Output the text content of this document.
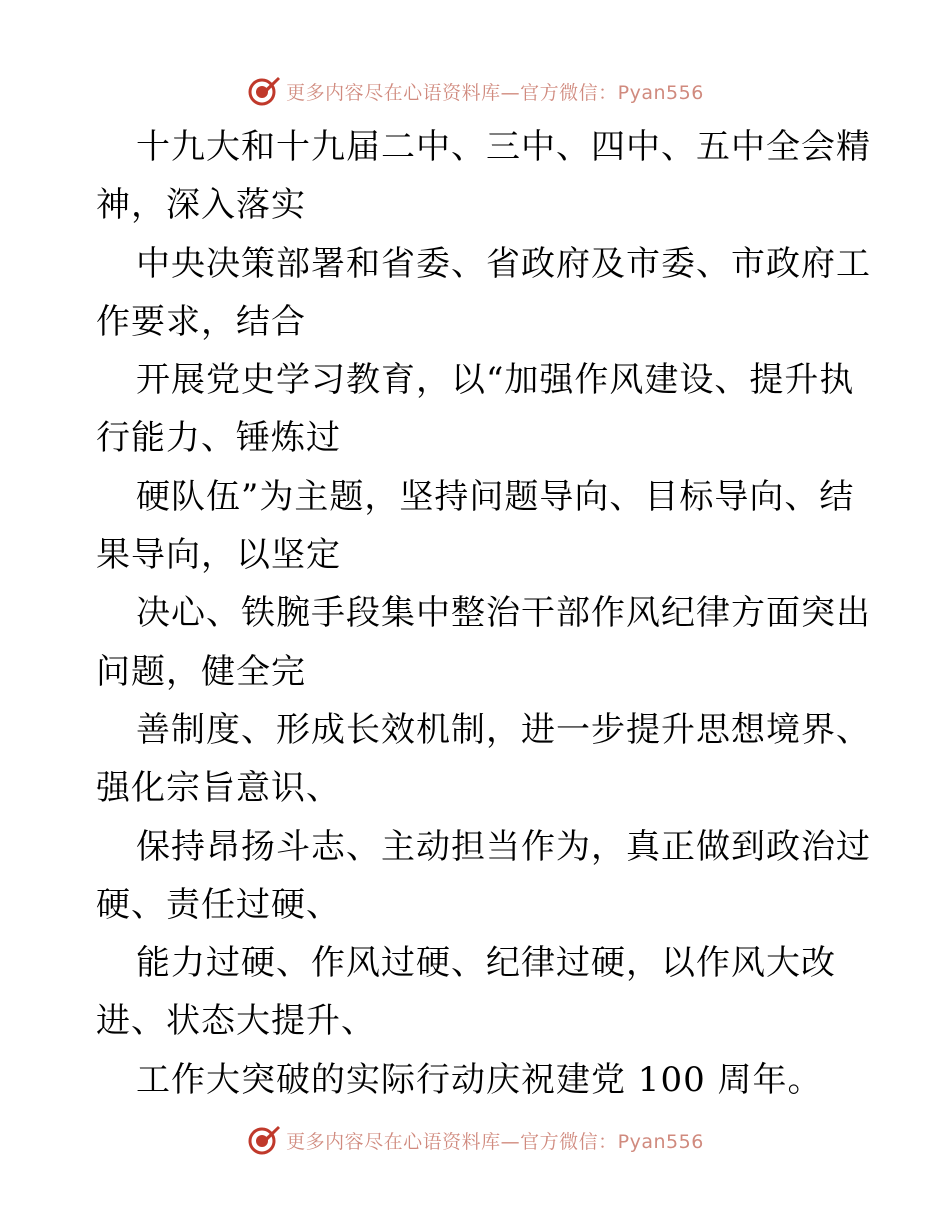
更多内容尽在心语资料库—官方微信：Pyan556

十九大和十九届二中、三中、四中、五中全会精神，深入落实

中央决策部署和省委、省政府及市委、市政府工作要求，结合

开展党史学习教育，以“加强作风建设、提升执行能力、锤炼过

硬队伍”为主题，坚持问题导向、目标导向、结果导向，以坚定

决心、铁腕手段集中整治干部作风纪律方面突出问题，健全完

善制度、形成长效机制，进一步提升思想境界、强化宗旨意识、

保持昂扬斗志、主动担当作为，真正做到政治过硬、责任过硬、

能力过硬、作风过硬、纪律过硬，以作风大改进、状态大提升、

工作大突破的实际行动庆祝建党 100 周年。

更多内容尽在心语资料库—官方微信：Pyan556
